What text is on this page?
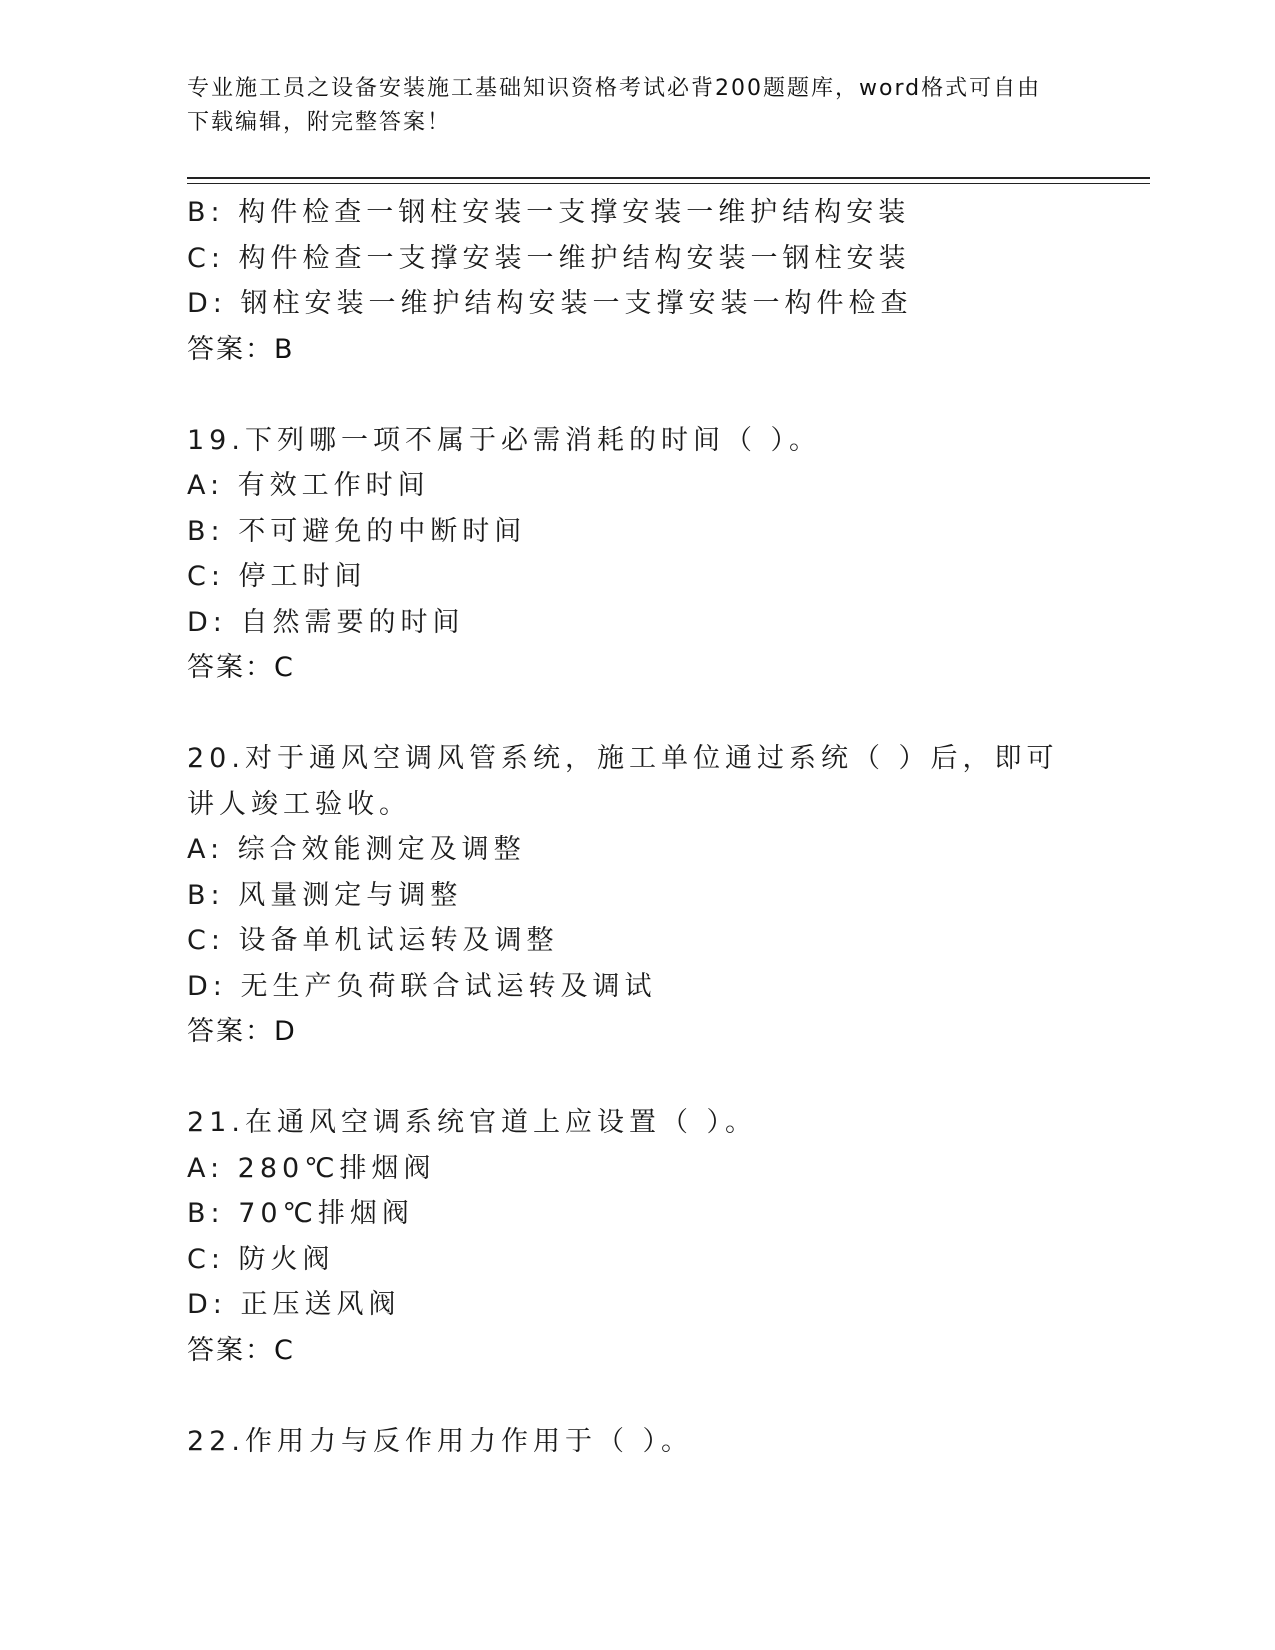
专业施工员之设备安装施工基础知识资格考试必背200题题库，word格式可自由
下载编辑，附完整答案！
B: 构件检查一钢柱安装一支撑安装一维护结构安装
C: 构件检查一支撑安装一维护结构安装一钢柱安装
D: 钢柱安装一维护结构安装一支撑安装一构件检查
答案：B
19.下列哪一项不属于必需消耗的时间（ ）。
A: 有效工作时间
B: 不可避免的中断时间
C: 停工时间
D: 自然需要的时间
答案：C
20.对于通风空调风管系统，施工单位通过系统（ ）后，即可讲人竣工验收。
A: 综合效能测定及调整
B: 风量测定与调整
C: 设备单机试运转及调整
D: 无生产负荷联合试运转及调试
答案：D
21.在通风空调系统官道上应设置（ ）。
A: 280℃排烟阀
B: 70℃排烟阀
C: 防火阀
D: 正压送风阀
答案：C
22.作用力与反作用力作用于（ ）。
